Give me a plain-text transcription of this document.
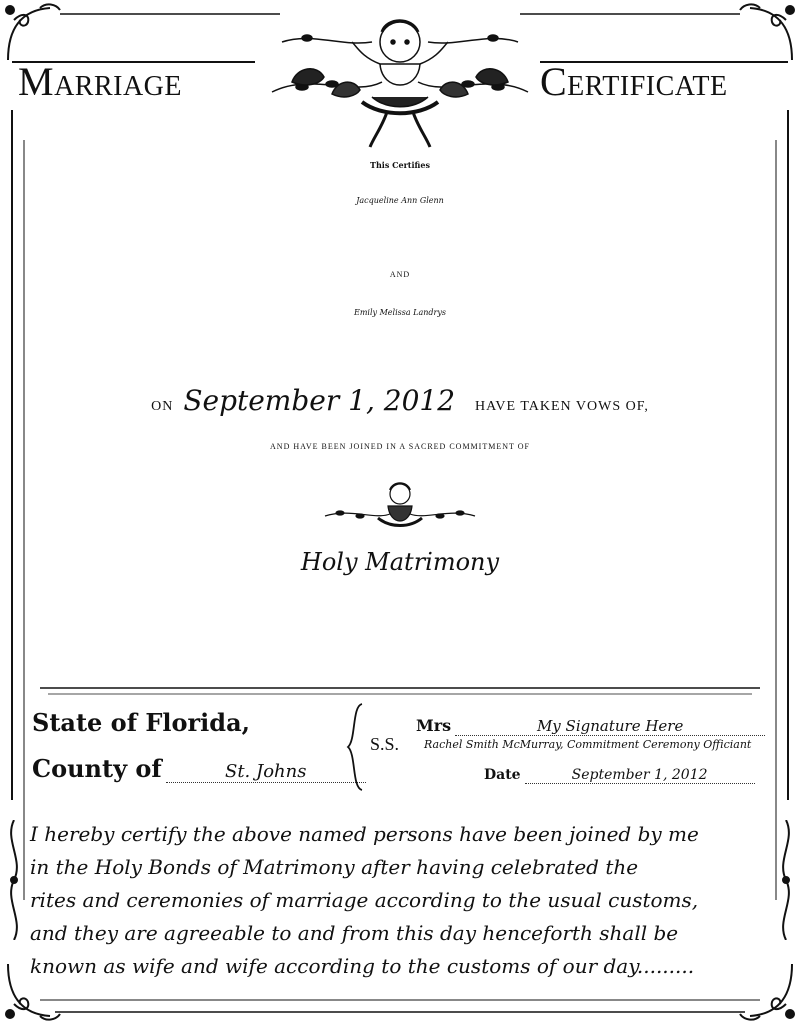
Marriage	Certificate
This Certifies
Jacqueline Ann Glenn
AND
Emily Melissa Landrys
ON September 1, 2012 HAVE TAKEN VOWS OF,
AND HAVE BEEN JOINED IN A SACRED COMMITMENT OF
Holy Matrimony
State of Florida,
County of	St. Johns
S.S.
Mrs	My Signature Here
Rachel Smith McMurray, Commitment Ceremony Officiant
Date	September 1, 2012
I hereby certify the above named persons have been joined by me
in the Holy Bonds of Matrimony after having celebrated the
rites and ceremonies of marriage according to the usual customs,
and they are agreeable to and from this day henceforth shall be
known as wife and wife according to the customs of our day.........
